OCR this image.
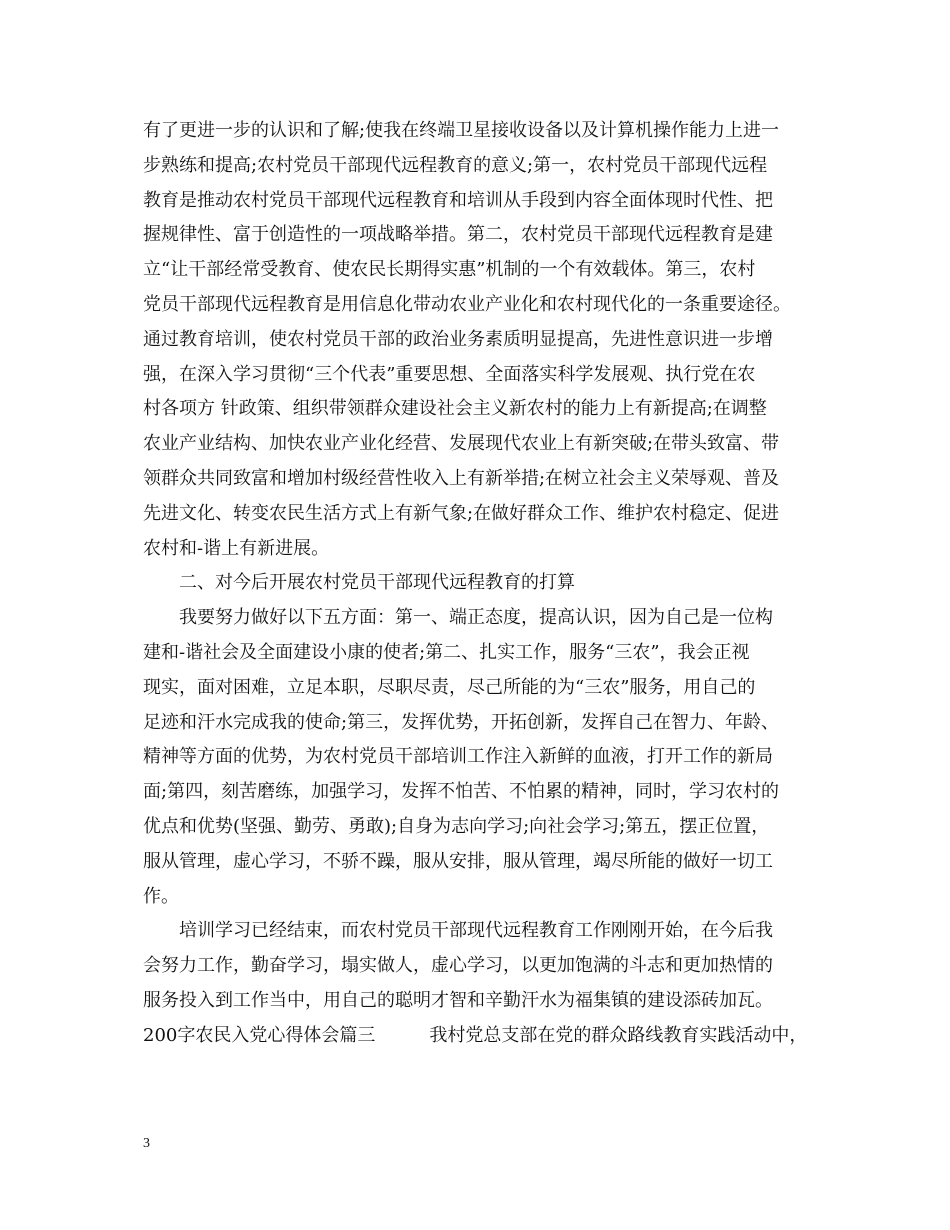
有了更进一步的认识和了解;使我在终端卫星接收设备以及计算机操作能力上进一
步熟练和提高;农村党员干部现代远程教育的意义;第一，农村党员干部现代远程
教育是推动农村党员干部现代远程教育和培训从手段到内容全面体现时代性、把
握规律性、富于创造性的一项战略举措。第二，农村党员干部现代远程教育是建
立“让干部经常受教育、使农民长期得实惠”机制的一个有效载体。第三，农村
党员干部现代远程教育是用信息化带动农业产业化和农村现代化的一条重要途径。
通过教育培训，使农村党员干部的政治业务素质明显提高，先进性意识进一步增
强，在深入学习贯彻“三个代表”重要思想、全面落实科学发展观、执行党在农
村各项方 针政策、组织带领群众建设社会主义新农村的能力上有新提高;在调整
农业产业结构、加快农业产业化经营、发展现代农业上有新突破;在带头致富、带
领群众共同致富和增加村级经营性收入上有新举措;在树立社会主义荣辱观、普及
先进文化、转变农民生活方式上有新气象;在做好群众工作、维护农村稳定、促进
农村和-谐上有新进展。
　　二、对今后开展农村党员干部现代远程教育的打算
　　我要努力做好以下五方面：第一、端正态度，提高认识，因为自己是一位构
建和-谐社会及全面建设小康的使者;第二、扎实工作，服务“三农”，我会正视
现实，面对困难，立足本职，尽职尽责，尽己所能的为“三农”服务，用自己的
足迹和汗水完成我的使命;第三，发挥优势，开拓创新，发挥自己在智力、年龄、
精神等方面的优势，为农村党员干部培训工作注入新鲜的血液，打开工作的新局
面;第四，刻苦磨练，加强学习，发挥不怕苦、不怕累的精神，同时，学习农村的
优点和优势(坚强、勤劳、勇敢);自身为志向学习;向社会学习;第五，摆正位置，
服从管理，虚心学习，不骄不躁，服从安排，服从管理，竭尽所能的做好一切工
作。
　　培训学习已经结束，而农村党员干部现代远程教育工作刚刚开始，在今后我
会努力工作，勤奋学习，塌实做人，虚心学习，以更加饱满的斗志和更加热情的
服务投入到工作当中，用自己的聪明才智和辛勤汗水为福集镇的建设添砖加瓦。
200字农民入党心得体会篇三　　　我村党总支部在党的群众路线教育实践活动中，
3
